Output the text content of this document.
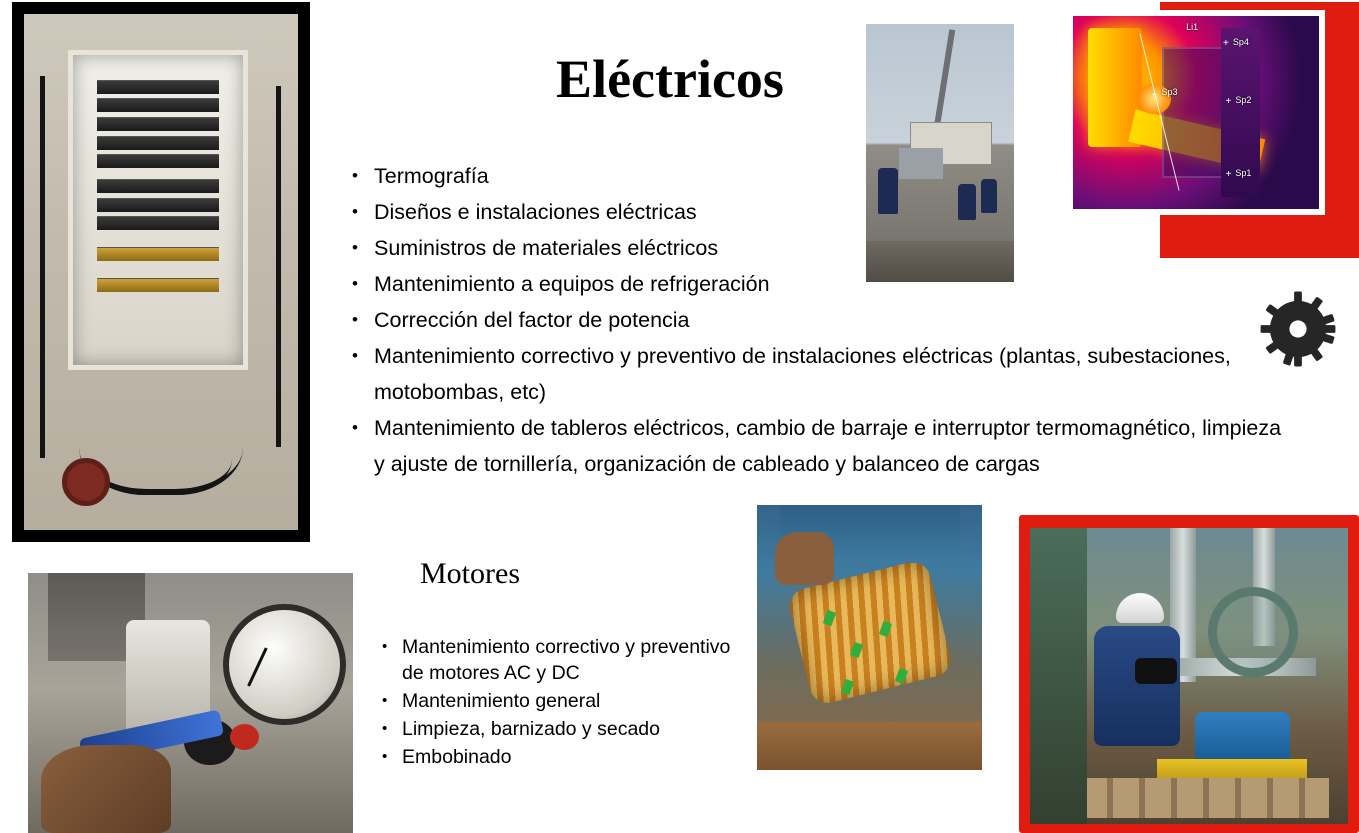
Eléctricos
• Termografía
• Diseños e instalaciones eléctricas
• Suministros de materiales eléctricos
• Mantenimiento a equipos de refrigeración
• Corrección del factor de potencia
• Mantenimiento correctivo y preventivo de instalaciones eléctricas (plantas, subestaciones, motobombas, etc)
• Mantenimiento de tableros eléctricos, cambio de barraje e interruptor termomagnético, limpieza y ajuste de tornillería, organización de cableado y balanceo de cargas
Motores
• Mantenimiento correctivo y preventivo de motores AC y DC
• Mantenimiento general
• Limpieza, barnizado y secado
• Embobinado
+ Sp3
+ Sp1
+ Sp2
+ Sp4
Li1
